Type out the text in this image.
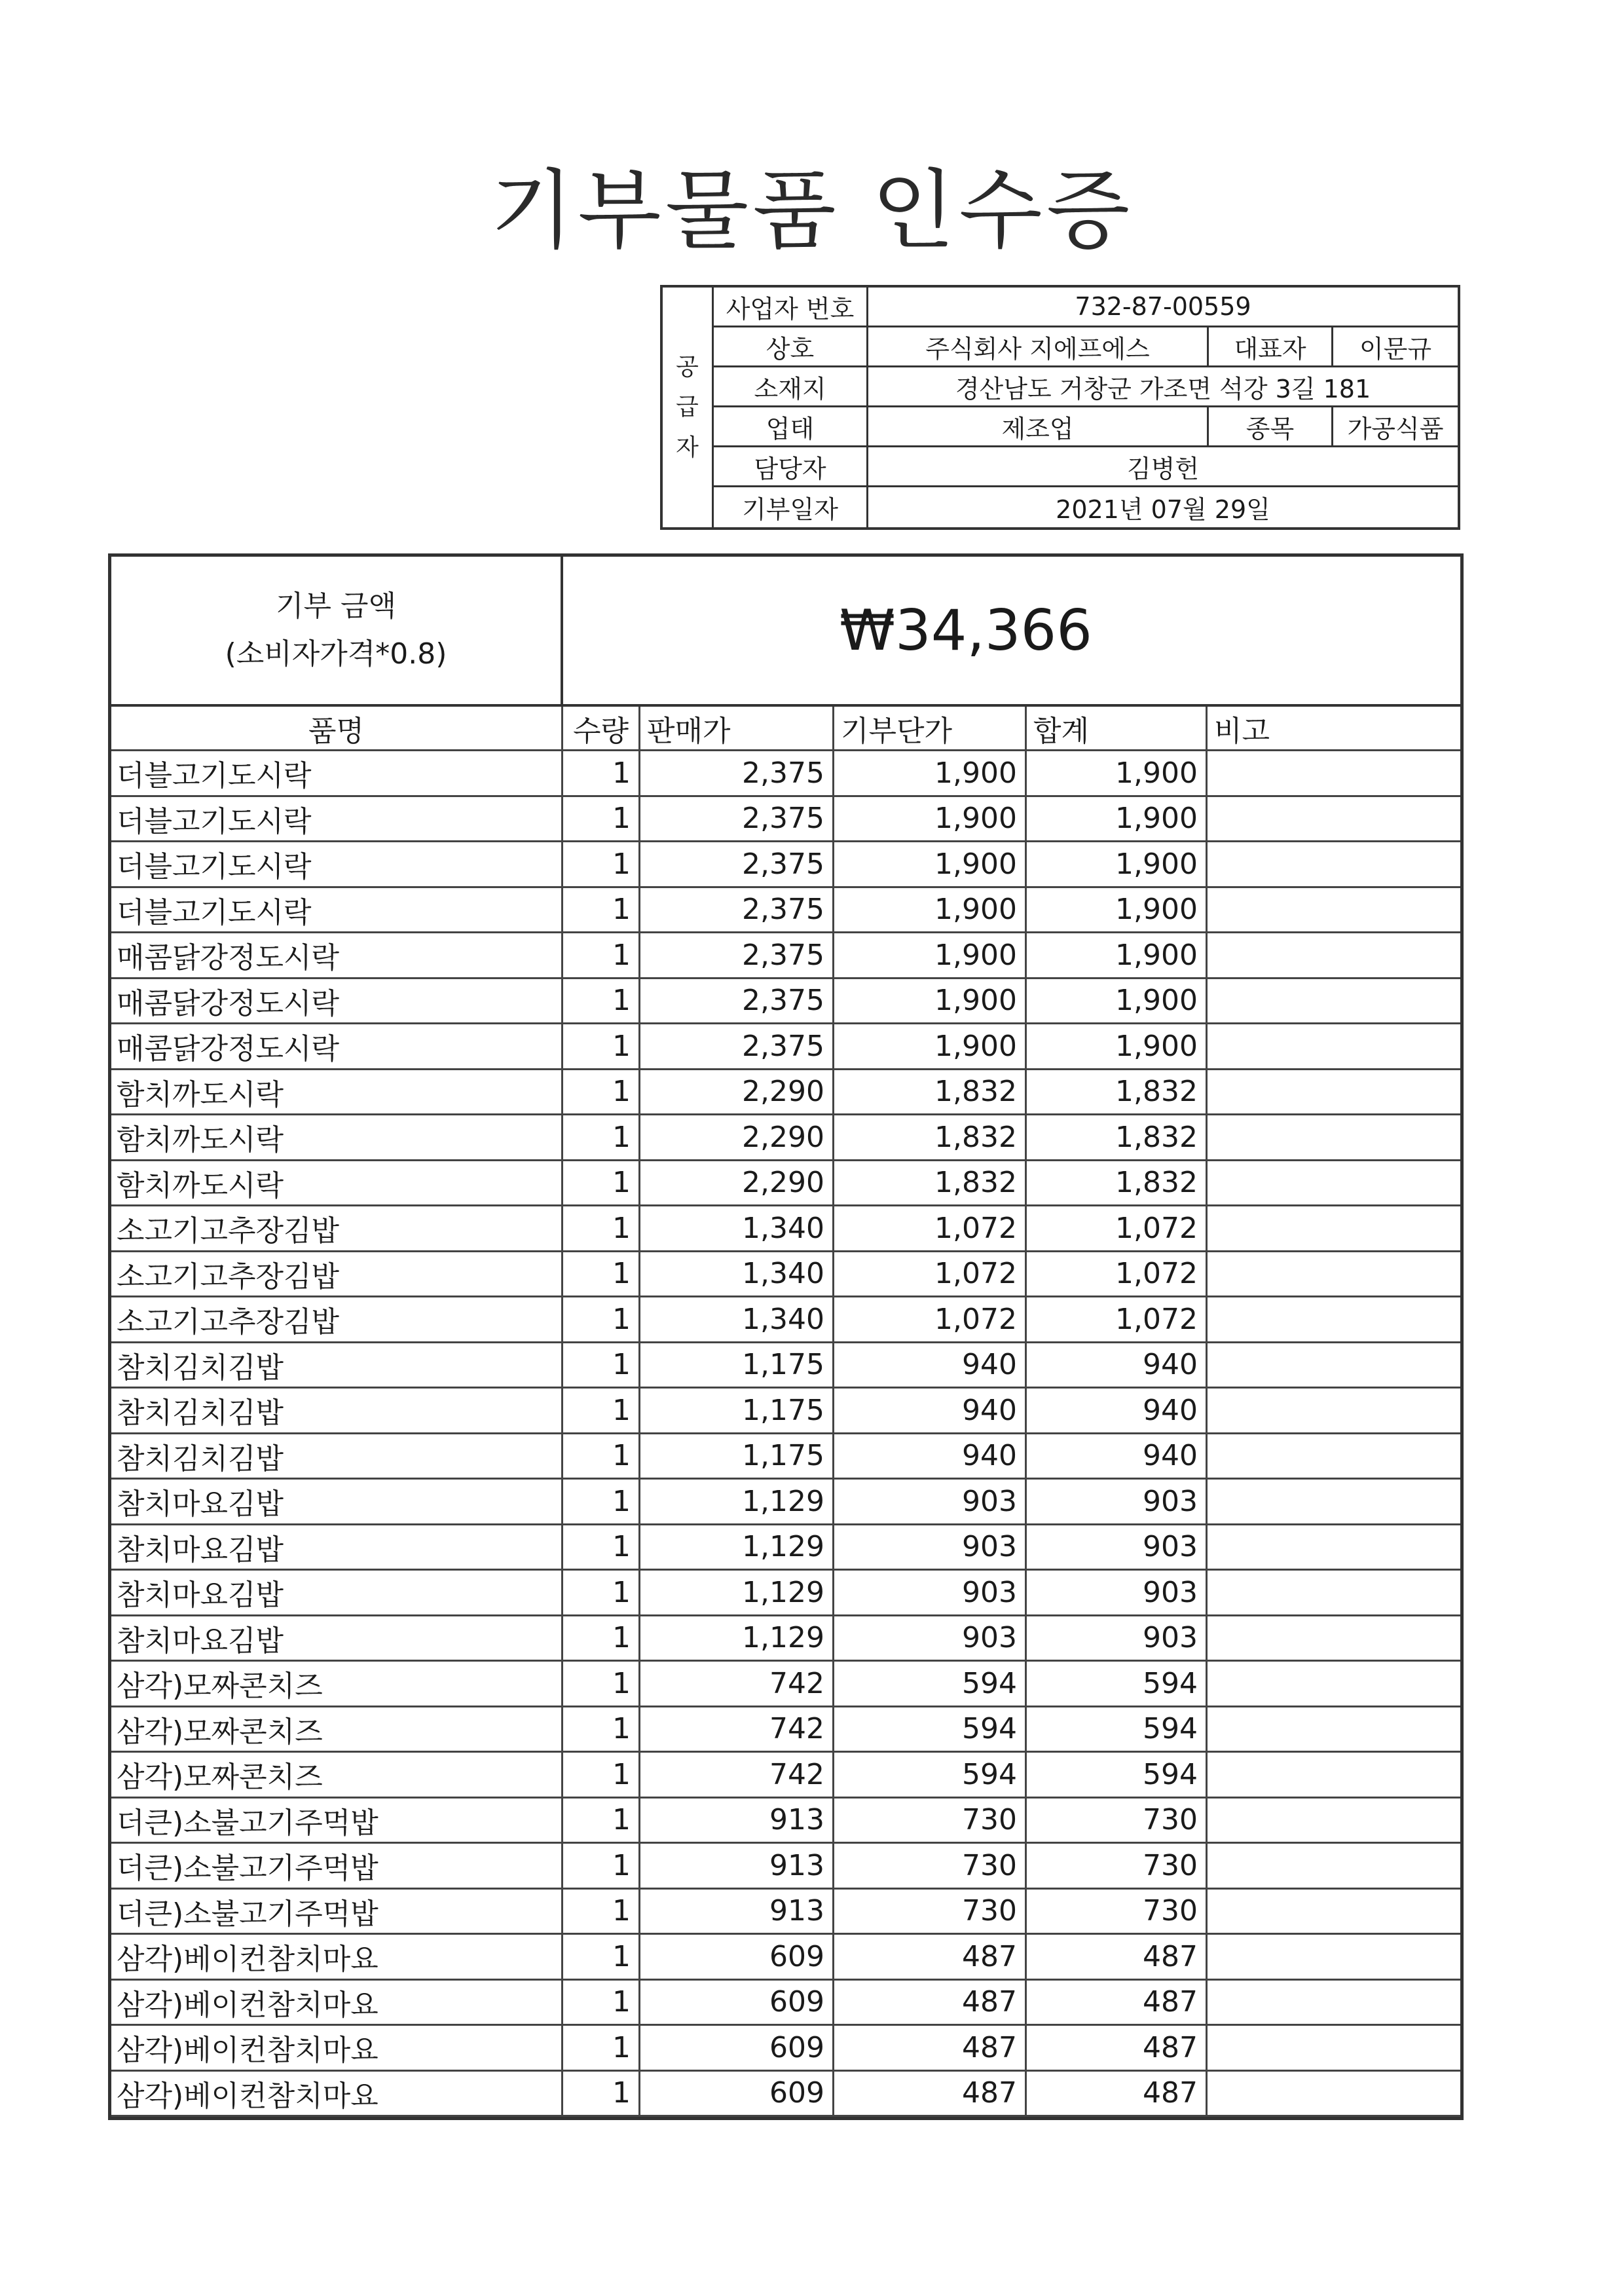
기부물품 인수증
공
급
자
사업자 번호	732-87-00559
상호	주식회사 지에프에스	대표자	이문규
소재지	경산남도 거창군 가조면 석강 3길 181
업태	제조업	종목	가공식품
담당자	김병헌
기부일자	2021년 07월 29일
기부 금액
(소비자가격*0.8)	₩34,366
품명	수량 판매가	기부단가	합계	비고
더블고기도시락	1	2,375	1,900	1,900
더블고기도시락	1	2,375	1,900	1,900
더블고기도시락	1	2,375	1,900	1,900
더블고기도시락	1	2,375	1,900	1,900
매콤닭강정도시락	1	2,375	1,900	1,900
매콤닭강정도시락	1	2,375	1,900	1,900
매콤닭강정도시락	1	2,375	1,900	1,900
함치까도시락	1	2,290	1,832	1,832
함치까도시락	1	2,290	1,832	1,832
함치까도시락	1	2,290	1,832	1,832
소고기고추장김밥	1	1,340	1,072	1,072
소고기고추장김밥	1	1,340	1,072	1,072
소고기고추장김밥	1	1,340	1,072	1,072
참치김치김밥	1	1,175	940	940
참치김치김밥	1	1,175	940	940
참치김치김밥	1	1,175	940	940
참치마요김밥	1	1,129	903	903
참치마요김밥	1	1,129	903	903
참치마요김밥	1	1,129	903	903
참치마요김밥	1	1,129	903	903
삼각)모짜콘치즈	1	742	594	594
삼각)모짜콘치즈	1	742	594	594
삼각)모짜콘치즈	1	742	594	594
더큰)소불고기주먹밥	1	913	730	730
더큰)소불고기주먹밥	1	913	730	730
더큰)소불고기주먹밥	1	913	730	730
삼각)베이컨참치마요	1	609	487	487
삼각)베이컨참치마요	1	609	487	487
삼각)베이컨참치마요	1	609	487	487
삼각)베이컨참치마요	1	609	487	487
